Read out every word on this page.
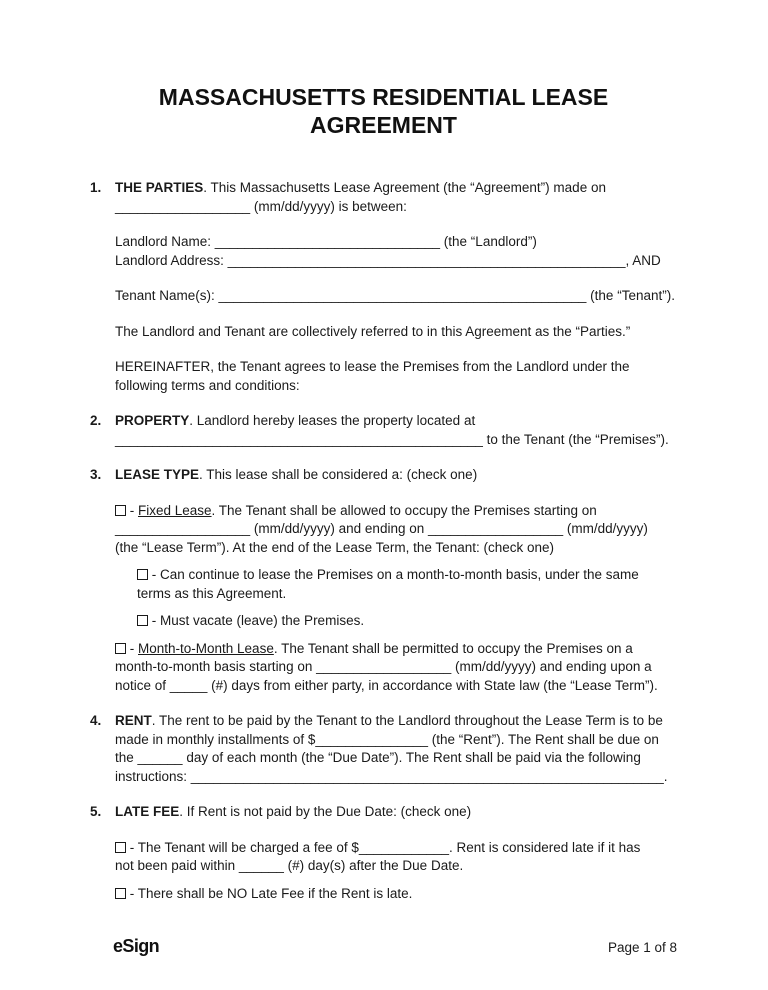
MASSACHUSETTS RESIDENTIAL LEASE AGREEMENT
1. THE PARTIES. This Massachusetts Lease Agreement (the “Agreement”) made on
__________________ (mm/dd/yyyy) is between:
Landlord Name: ______________________________ (the “Landlord”)
Landlord Address: _____________________________________________________, AND
Tenant Name(s): _________________________________________________ (the “Tenant”).
The Landlord and Tenant are collectively referred to in this Agreement as the “Parties.”
HEREINAFTER, the Tenant agrees to lease the Premises from the Landlord under the
following terms and conditions:
2. PROPERTY. Landlord hereby leases the property located at
_________________________________________________ to the Tenant (the “Premises”).
3. LEASE TYPE. This lease shall be considered a: (check one)
- Fixed Lease. The Tenant shall be allowed to occupy the Premises starting on
__________________ (mm/dd/yyyy) and ending on __________________ (mm/dd/yyyy)
(the “Lease Term”). At the end of the Lease Term, the Tenant: (check one)
- Can continue to lease the Premises on a month-to-month basis, under the same
terms as this Agreement.
- Must vacate (leave) the Premises.
- Month-to-Month Lease. The Tenant shall be permitted to occupy the Premises on a
month-to-month basis starting on __________________ (mm/dd/yyyy) and ending upon a
notice of _____ (#) days from either party, in accordance with State law (the “Lease Term”).
4. RENT. The rent to be paid by the Tenant to the Landlord throughout the Lease Term is to be
made in monthly installments of $_______________ (the “Rent”). The Rent shall be due on
the ______ day of each month (the “Due Date”). The Rent shall be paid via the following
instructions: _______________________________________________________________.
5. LATE FEE. If Rent is not paid by the Due Date: (check one)
- The Tenant will be charged a fee of $____________. Rent is considered late if it has
not been paid within ______ (#) day(s) after the Due Date.
- There shall be NO Late Fee if the Rent is late.
eSign	Page 1 of 8
